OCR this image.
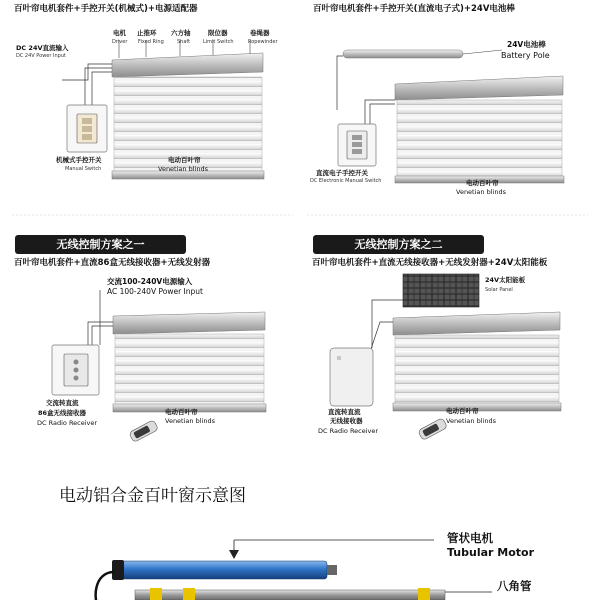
百叶帘电机套件+手控开关(机械式)+电源适配器
DC 24V直流输入
DC 24V Power Input
电机
Driver
止推环
Fixed Ring
六方轴
Shaft
限位器
Limit Switch
卷绳器
Ropewinder
机械式手控开关
Manual Switch
电动百叶帘
Venetian blinds
百叶帘电机套件+手控开关(直流电子式)+24V电池棒
24V电池棒
Battery Pole
直流电子手控开关
DC Electronic Manual Switch	电动百叶帘
Venetian blinds
无线控制方案之一
百叶帘电机套件+直流86盒无线接收器+无线发射器
交流100-240V电源输入
AC 100-240V Power Input
交流转直流
86盒无线接收器
DC Radio Receiver
电动百叶帘
Venetian blinds
无线控制方案之二
百叶帘电机套件+直流无线接收器+无线发射器+24V太阳能板
24V太阳能板
Solar Panel
直流转直流
无线接收器
DC Radio Receiver
电动百叶帘
Venetian blinds
电动铝合金百叶窗示意图
管状电机
Tubular Motor
八角管
